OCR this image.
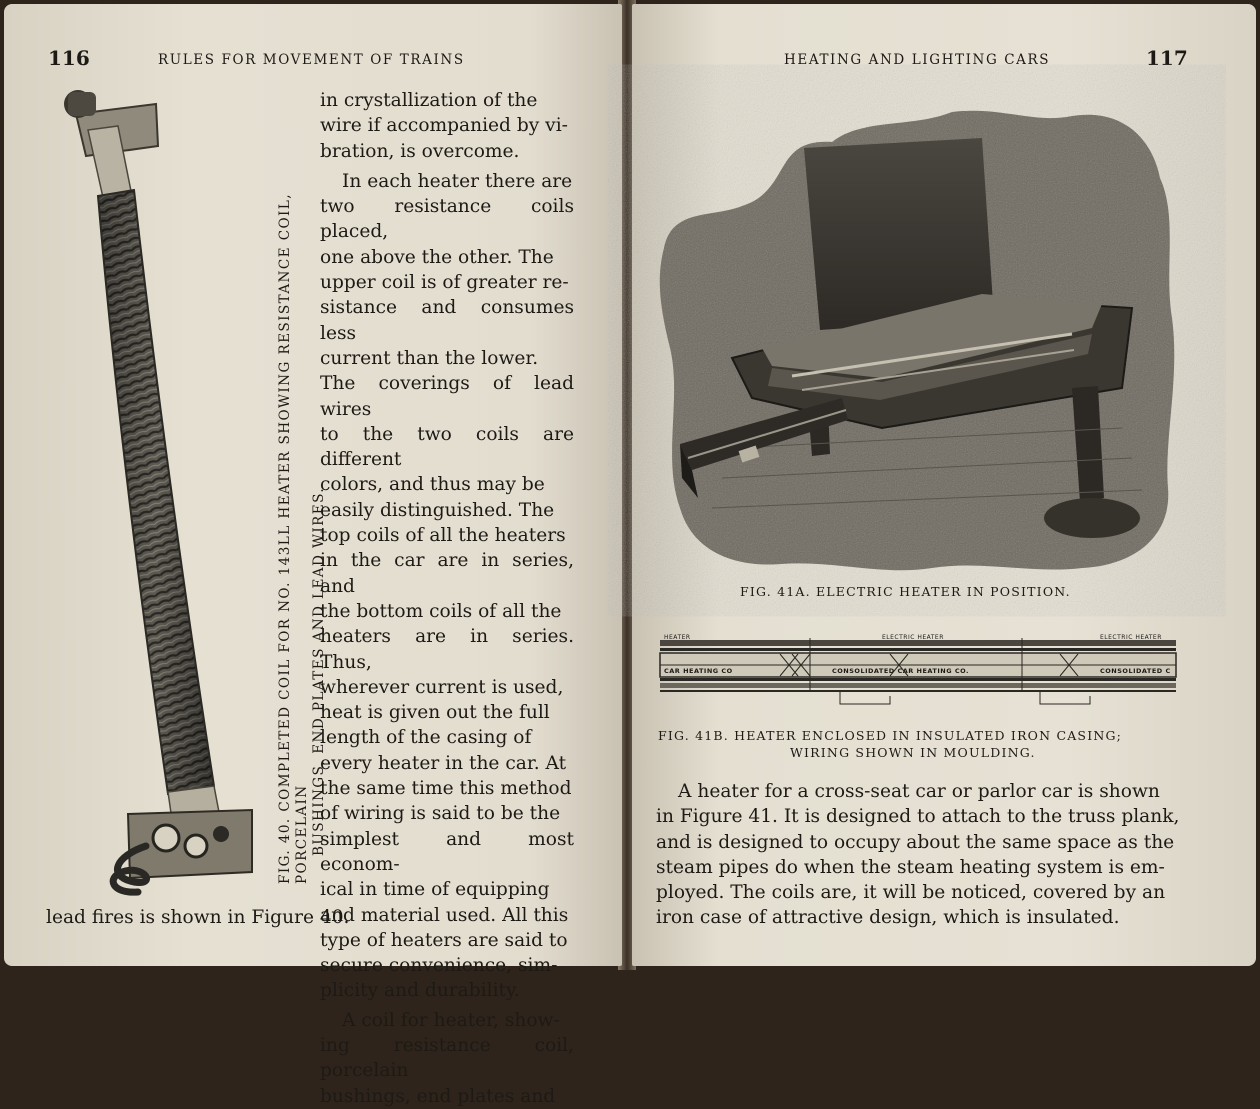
116	RULES FOR MOVEMENT OF TRAINS
FIG. 40. COMPLETED COIL FOR NO. 143LL HEATER SHOWING RESISTANCE COIL, PORCELAIN BUSHINGS, END PLATES AND LEAD WIRES.
in crystallization of the
wire if accompanied by vi-
bration, is overcome.
In each heater there are
two resistance coils placed,
one above the other. The
upper coil is of greater re-
sistance and consumes less
current than the lower.
The coverings of lead wires
to the two coils are different
colors, and thus may be
easily distinguished. The
top coils of all the heaters
in the car are in series, and
the bottom coils of all the
heaters are in series. Thus,
wherever current is used,
heat is given out the full
length of the casing of
every heater in the car. At
the same time this method
of wiring is said to be the
simplest and most econom-
ical in time of equipping
and material used. All this
type of heaters are said to
secure convenience, sim-
plicity and durability.
A coil for heater, show-
ing resistance coil, porcelain
bushings, end plates and
lead fires is shown in Figure 40.
HEATING AND LIGHTING CARS	117
FIG. 41A. ELECTRIC HEATER IN POSITION.
HEATER	ELECTRIC HEATER	ELECTRIC HEATER
CAR HEATING CO	CONSOLIDATED CAR HEATING CO.	CONSOLIDATED C
FIG. 41B. HEATER ENCLOSED IN INSULATED IRON CASING;
WIRING SHOWN IN MOULDING.
A heater for a cross-seat car or parlor car is shown
in Figure 41. It is designed to attach to the truss plank,
and is designed to occupy about the same space as the
steam pipes do when the steam heating system is em-
ployed. The coils are, it will be noticed, covered by an
iron case of attractive design, which is insulated.
